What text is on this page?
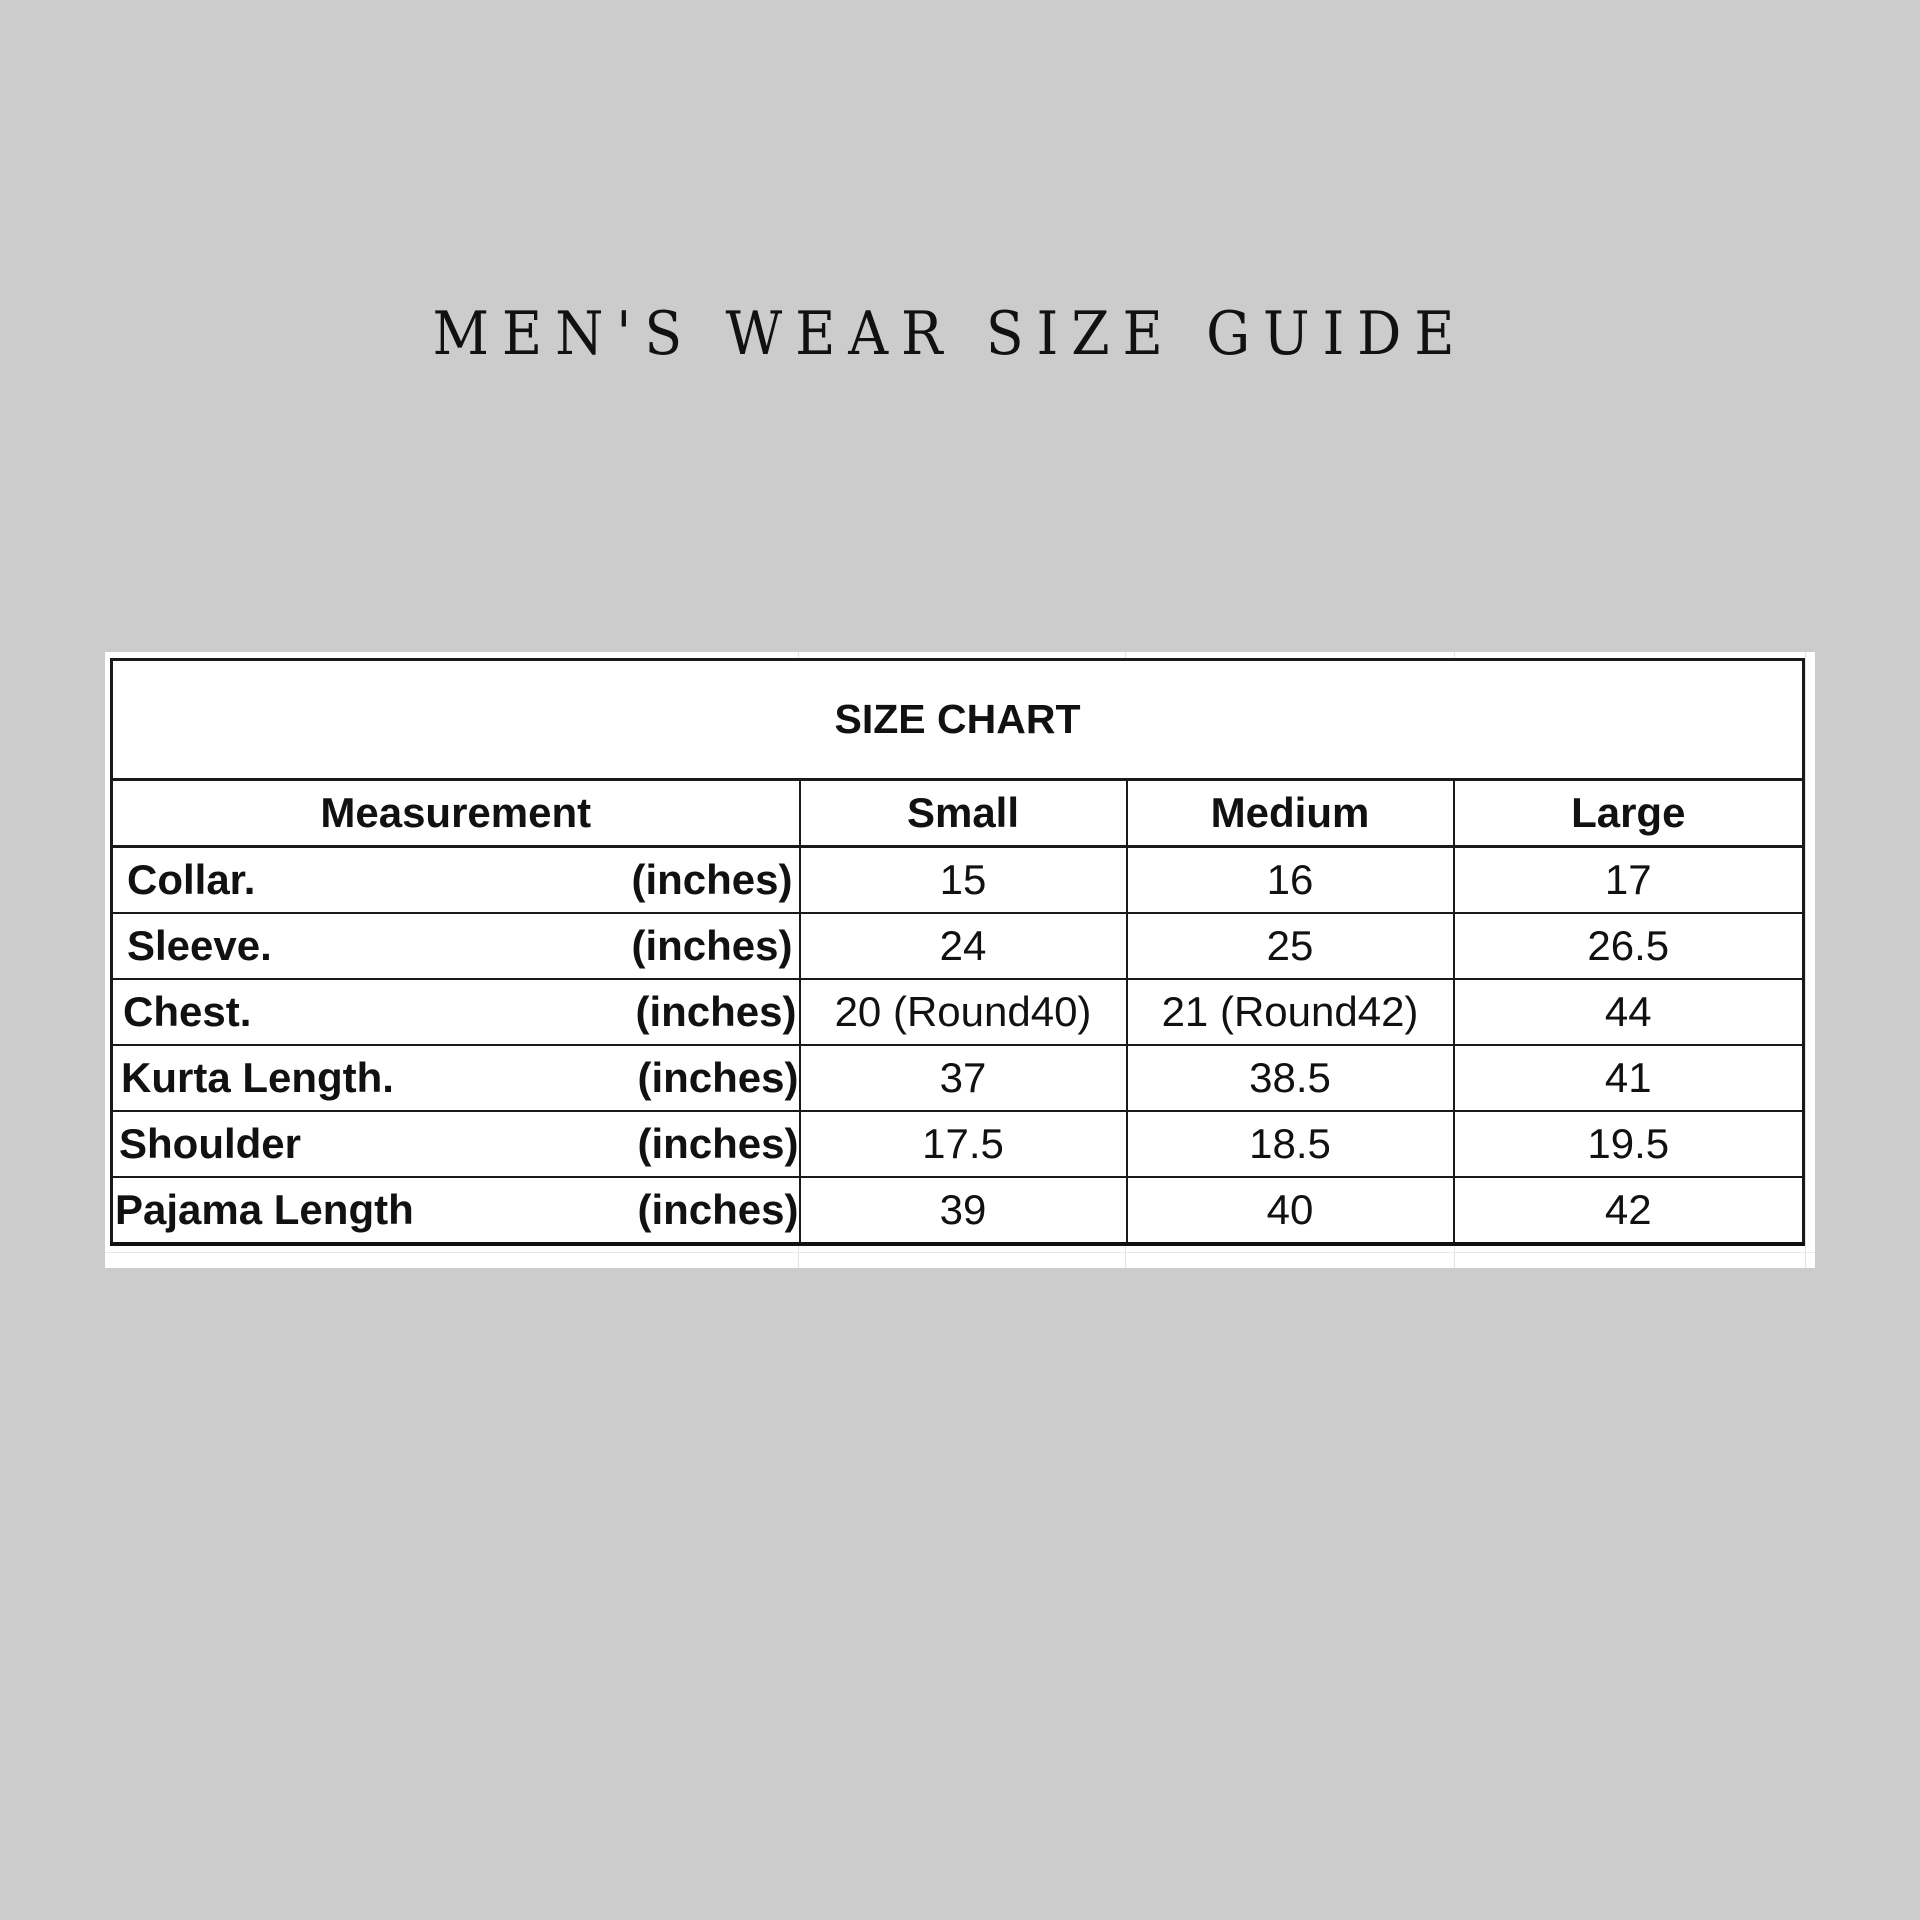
MEN'S WEAR SIZE GUIDE
SIZE CHART			
Measurement	Small	Medium	Large

Collar. (inches)	15	16	17

Sleeve. (inches)	24	25	26.5

Chest. (inches)	20 (Round40)	21 (Round42)	44

Kurta Length. (inches)	37	38.5	41

Shoulder (inches)	17.5	18.5	19.5

Pajama Length (inches)	39	40	42
